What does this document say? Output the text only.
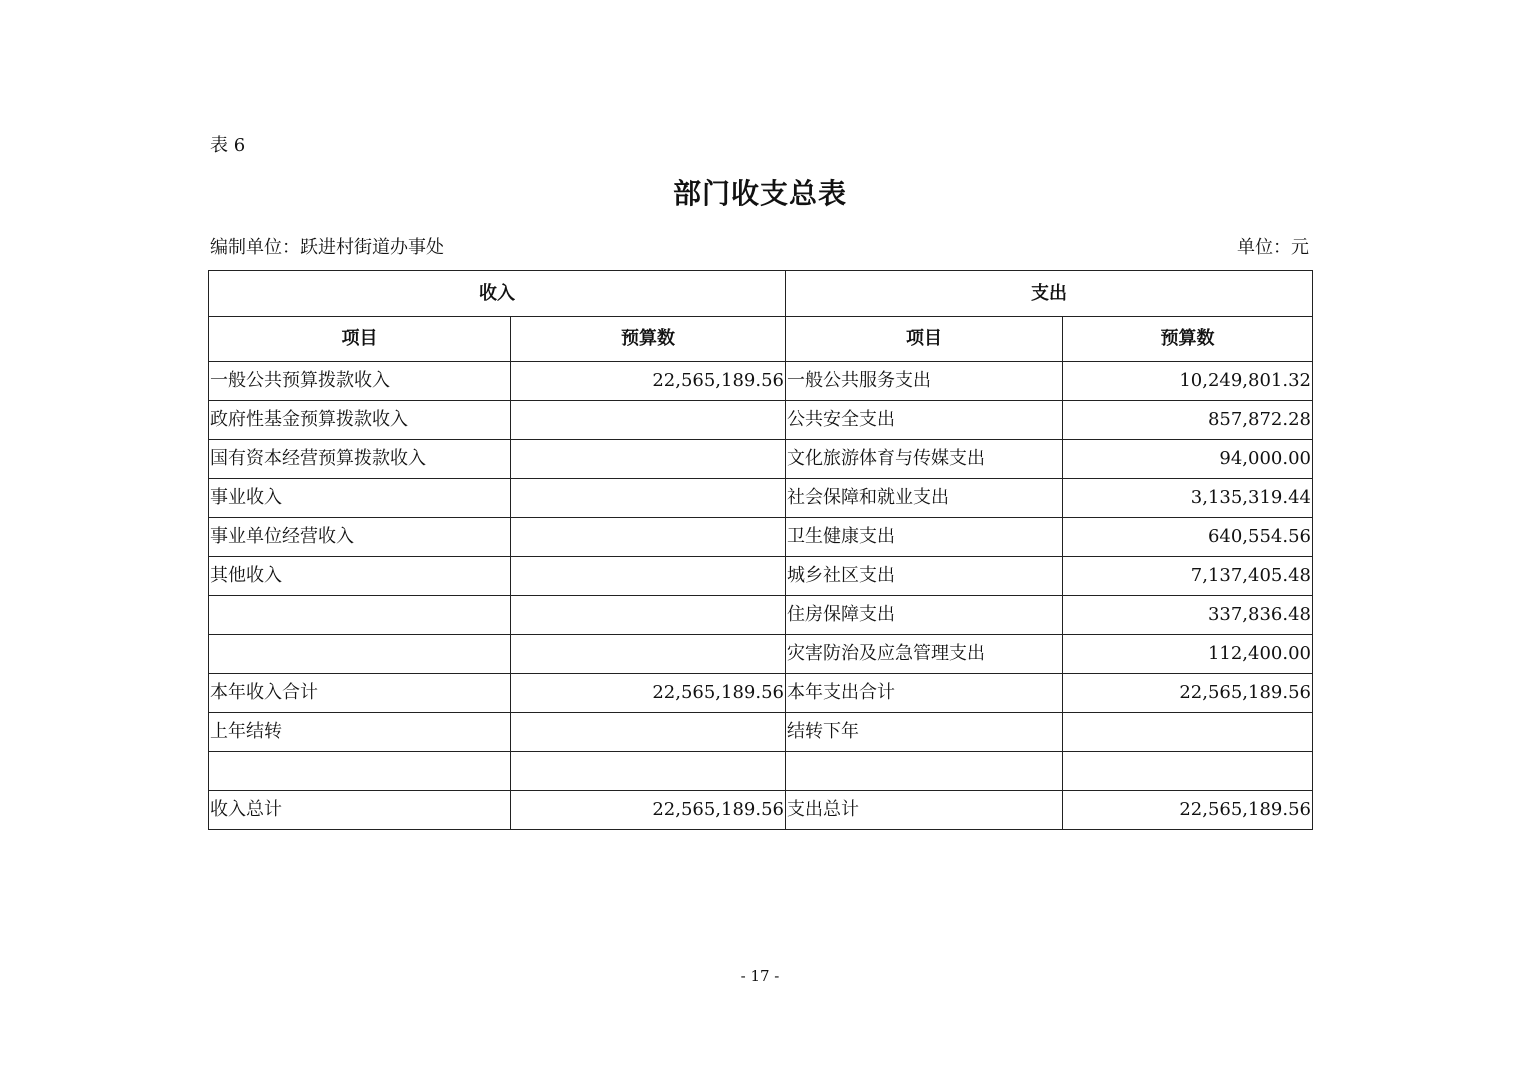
表 6
部门收支总表
编制单位：跃进村街道办事处	单位：元
收入		支出	
项目	预算数	项目	预算数
一般公共预算拨款收入	22,565,189.56	一般公共服务支出	10,249,801.32
政府性基金预算拨款收入		公共安全支出	857,872.28
国有资本经营预算拨款收入		文化旅游体育与传媒支出	94,000.00
事业收入		社会保障和就业支出	3,135,319.44
事业单位经营收入		卫生健康支出	640,554.56
其他收入		城乡社区支出	7,137,405.48
		住房保障支出	337,836.48
		灾害防治及应急管理支出	112,400.00
本年收入合计	22,565,189.56	本年支出合计	22,565,189.56
上年结转		结转下年	

收入总计	22,565,189.56	支出总计	22,565,189.56
- 17 -
